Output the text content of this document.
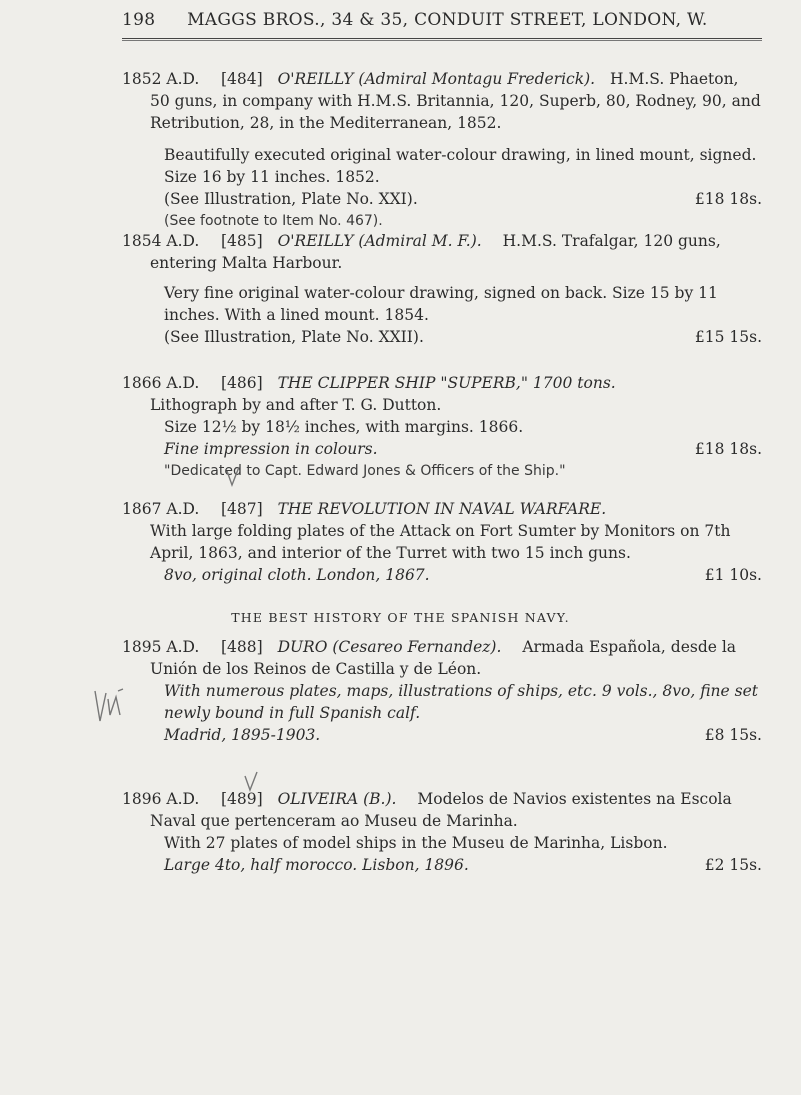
198 MAGGS BROS., 34 & 35, CONDUIT STREET, LONDON, W.
1852 A.D. [484] O'REILLY (Admiral Montagu Frederick). H.M.S. Phaeton,
50 guns, in company with H.M.S. Britannia, 120, Superb, 80, Rodney, 90, and Retribution, 28, in the Mediterranean, 1852.
Beautifully executed original water-colour drawing, in lined mount, signed. Size 16 by 11 inches. 1852.
(See Illustration, Plate No. XXI).	£18 18s.
(See footnote to Item No. 467).
1854 A.D. [485] O'REILLY (Admiral M. F.). H.M.S. Trafalgar, 120 guns,
entering Malta Harbour.
Very fine original water-colour drawing, signed on back. Size 15 by 11 inches. With a lined mount. 1854.
(See Illustration, Plate No. XXII).	£15 15s.
1866 A.D. [486] THE CLIPPER SHIP "SUPERB," 1700 tons.
Lithograph by and after T. G. Dutton.
Size 12½ by 18½ inches, with margins. 1866.
Fine impression in colours.	£18 18s.
"Dedicated to Capt. Edward Jones & Officers of the Ship."
1867 A.D. [487] THE REVOLUTION IN NAVAL WARFARE.
With large folding plates of the Attack on Fort Sumter by Monitors on 7th April, 1863, and interior of the Turret with two 15 inch guns.
8vo, original cloth. London, 1867.	£1 10s.
THE BEST HISTORY OF THE SPANISH NAVY.
1895 A.D. [488] DURO (Cesareo Fernandez). Armada Española, desde la
Unión de los Reinos de Castilla y de Léon.
With numerous plates, maps, illustrations of ships, etc. 9 vols., 8vo, fine set newly bound in full Spanish calf.
Madrid, 1895-1903.	£8 15s.
1896 A.D. [489] OLIVEIRA (B.). Modelos de Navios existentes na Escola
Naval que pertenceram ao Museu de Marinha.
With 27 plates of model ships in the Museu de Marinha, Lisbon.
Large 4to, half morocco. Lisbon, 1896.	£2 15s.
